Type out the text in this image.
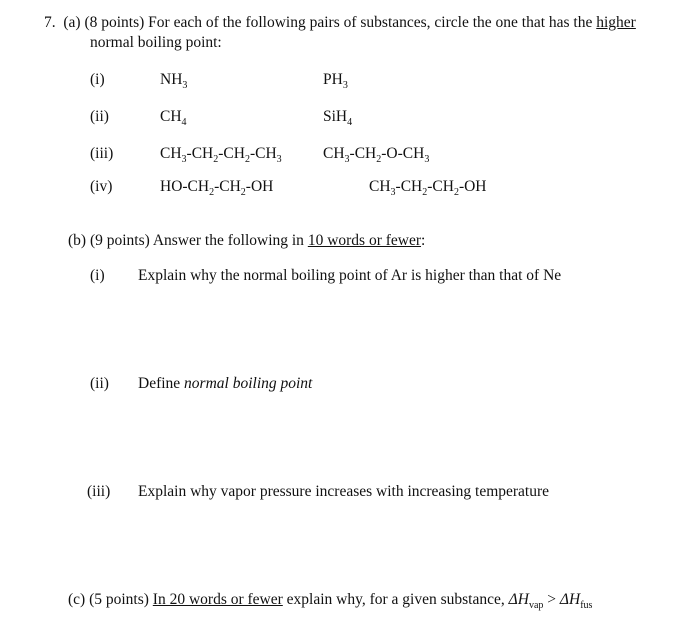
7. (a) (8 points) For each of the following pairs of substances, circle the one that has the higher
normal boiling point:
(i)	$NH_3$	$PH_3$
(ii)	$CH_4$	SiH$_4$
(iii)	$CH_3-CH_2-CH_2-CH_3$	$CH_3-CH_2-O-CH_3$
(iv)	$HO-CH_2-CH_2-OH$	$CH_3-CH_2-CH_2-OH$
(b) (9 points) Answer the following in 10 words or fewer:
(i) Explain why the normal boiling point of Ar is higher than that of Ne
(ii) Define normal boiling point
(iii) Explain why vapor pressure increases with increasing temperature
(c) (5 points) In 20 words or fewer explain why, for a given substance, $\Delta H_{vap} > \Delta H_{fus}$
